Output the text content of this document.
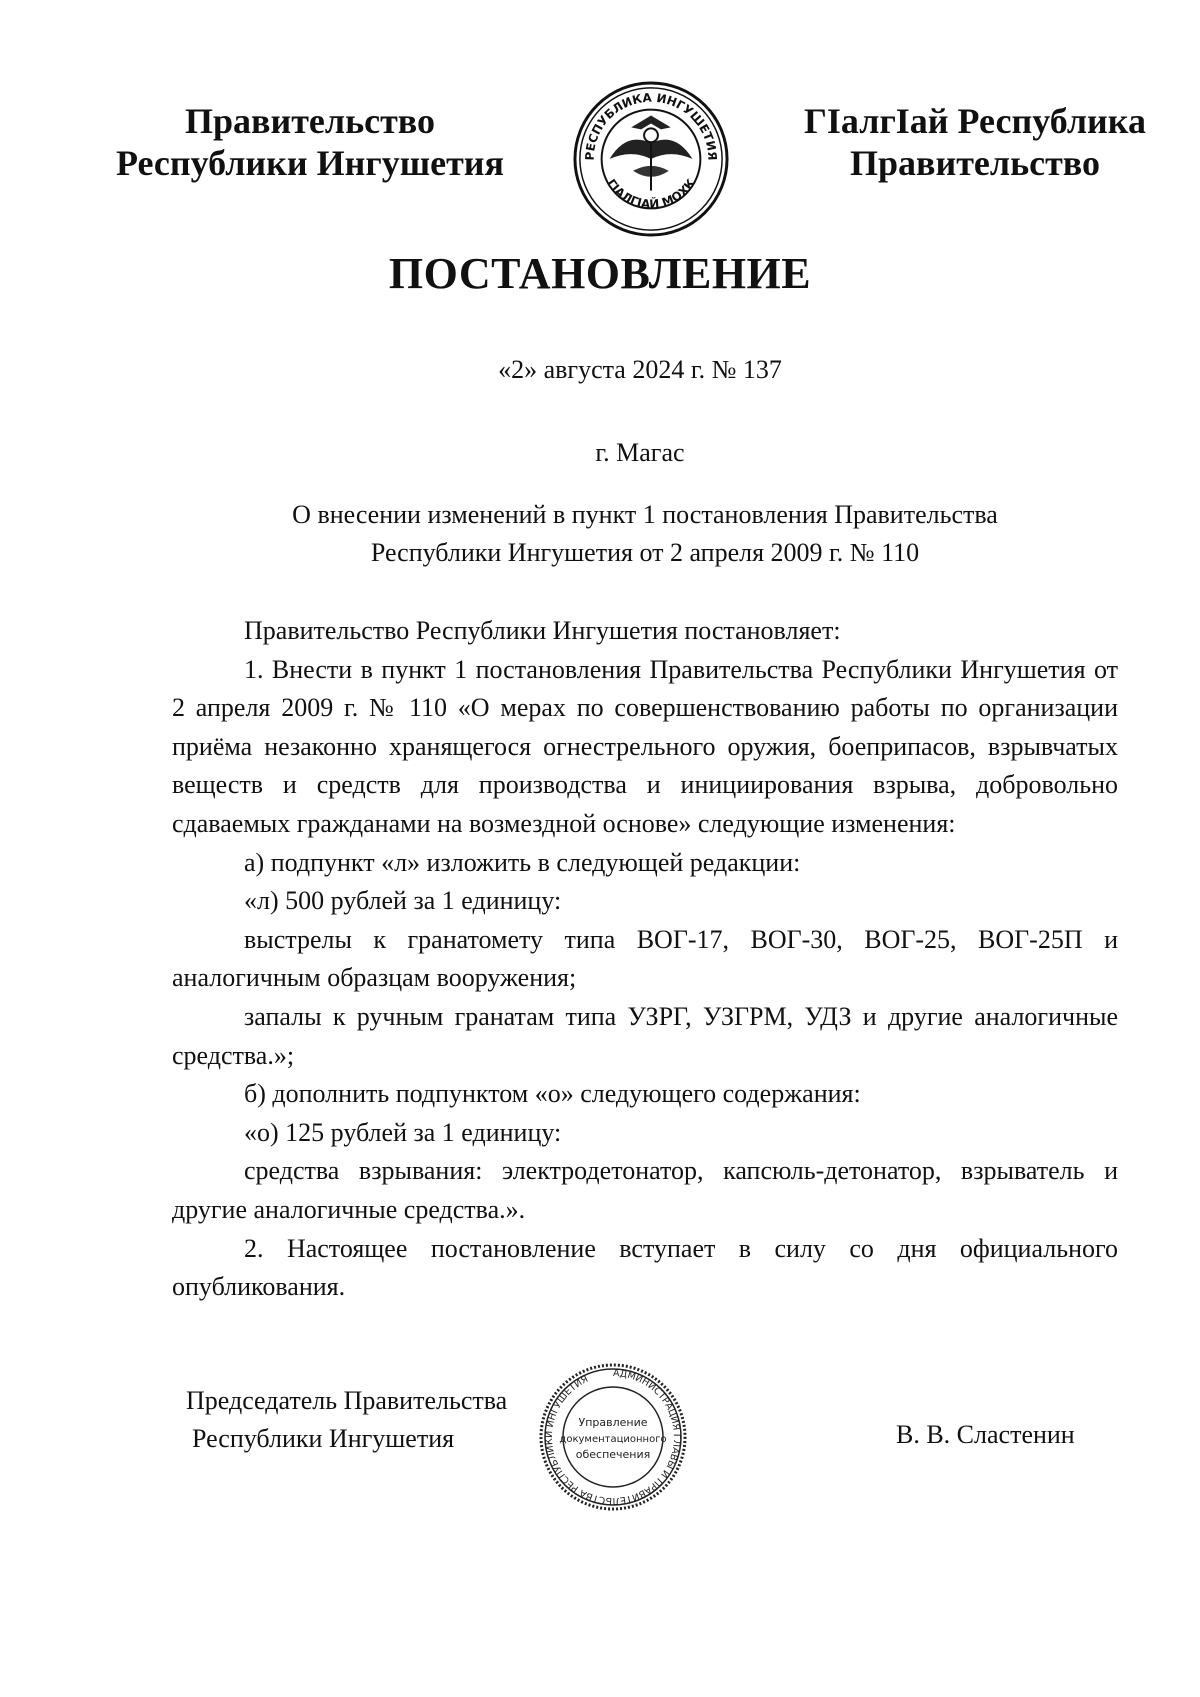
Правительство
Республики Ингушетия	РЕСПУБЛИКА ИНГУШЕТИЯ
ГIАЛГIАЙ МОХК
ГIалгIай Республика
Правительство
ПОСТАНОВЛЕНИЕ
«2» августа 2024 г. № 137
г. Магас
О внесении изменений в пункт 1 постановления Правительства
Республики Ингушетия от 2 апреля 2009 г. № 110

Правительство Республики Ингушетия постановляет:

1. Внести в пункт 1 постановления Правительства Республики Ингушетия от 2 апреля 2009 г. № 110 «О мерах по совершенствованию работы по организации приёма незаконно хранящегося огнестрельного оружия, боеприпасов, взрывчатых веществ и средств для производства и инициирования взрыва, добровольно сдаваемых гражданами на возмездной основе» следующие изменения:

а) подпункт «л» изложить в следующей редакции:

«л) 500 рублей за 1 единицу:

выстрелы к гранатомету типа ВОГ-17, ВОГ-30, ВОГ-25, ВОГ-25П и аналогичным образцам вооружения;

запалы к ручным гранатам типа УЗРГ, УЗГРМ, УДЗ и другие аналогичные средства.»;

б) дополнить подпунктом «о» следующего содержания:

«о) 125 рублей за 1 единицу:

средства взрывания: электродетонатор, капсюль-детонатор, взрыватель и другие аналогичные средства.».

2. Настоящее постановление вступает в силу со дня официального опубликования.

Председатель Правительства
Республики Ингушетия
АДМИНИСТРАЦИЯ ГЛАВЫ И ПРАВИТЕЛЬСТВА РЕСПУБЛИКИ ИНГУШЕТИЯ
Управление
документационного
обеспечения
В. В. Сластенин
